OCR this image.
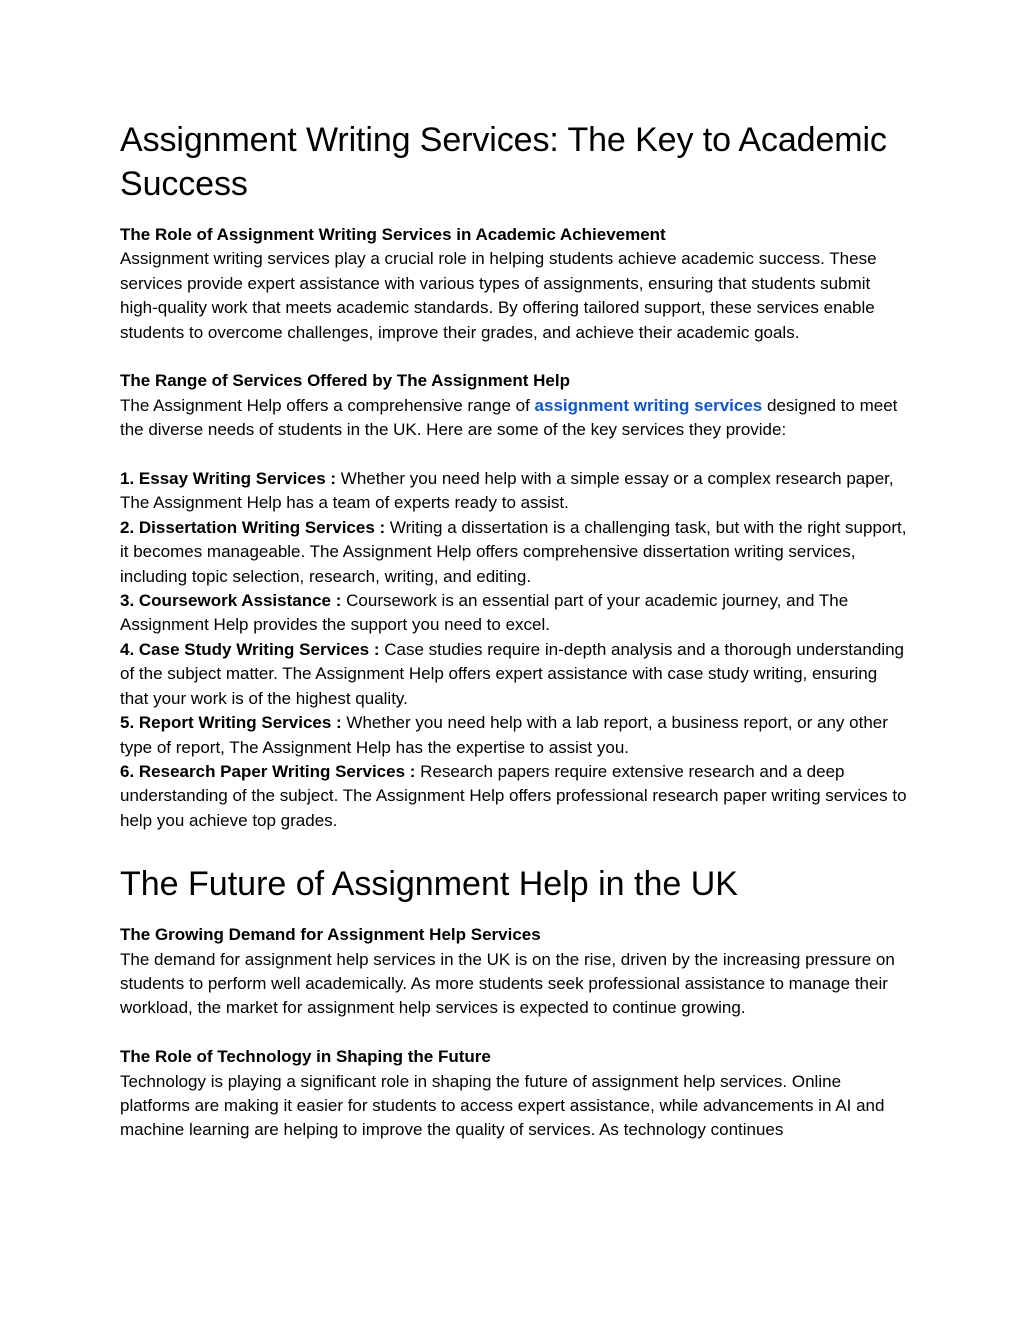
Assignment Writing Services: The Key to Academic Success

The Role of Assignment Writing Services in Academic Achievement

Assignment writing services play a crucial role in helping students achieve academic success. These services provide expert assistance with various types of assignments, ensuring that students submit high-quality work that meets academic standards. By offering tailored support, these services enable students to overcome challenges, improve their grades, and achieve their academic goals.

The Range of Services Offered by The Assignment Help

The Assignment Help offers a comprehensive range of assignment writing services designed to meet the diverse needs of students in the UK. Here are some of the key services they provide:

1. Essay Writing Services : Whether you need help with a simple essay or a complex research paper, The Assignment Help has a team of experts ready to assist.

2. Dissertation Writing Services : Writing a dissertation is a challenging task, but with the right support, it becomes manageable. The Assignment Help offers comprehensive dissertation writing services, including topic selection, research, writing, and editing.

3. Coursework Assistance : Coursework is an essential part of your academic journey, and The Assignment Help provides the support you need to excel.

4. Case Study Writing Services : Case studies require in-depth analysis and a thorough understanding of the subject matter. The Assignment Help offers expert assistance with case study writing, ensuring that your work is of the highest quality.

5. Report Writing Services : Whether you need help with a lab report, a business report, or any other type of report, The Assignment Help has the expertise to assist you.

6. Research Paper Writing Services : Research papers require extensive research and a deep understanding of the subject. The Assignment Help offers professional research paper writing services to help you achieve top grades.

The Future of Assignment Help in the UK

The Growing Demand for Assignment Help Services

The demand for assignment help services in the UK is on the rise, driven by the increasing pressure on students to perform well academically. As more students seek professional assistance to manage their workload, the market for assignment help services is expected to continue growing.

The Role of Technology in Shaping the Future

Technology is playing a significant role in shaping the future of assignment help services. Online platforms are making it easier for students to access expert assistance, while advancements in AI and machine learning are helping to improve the quality of services. As technology continues
